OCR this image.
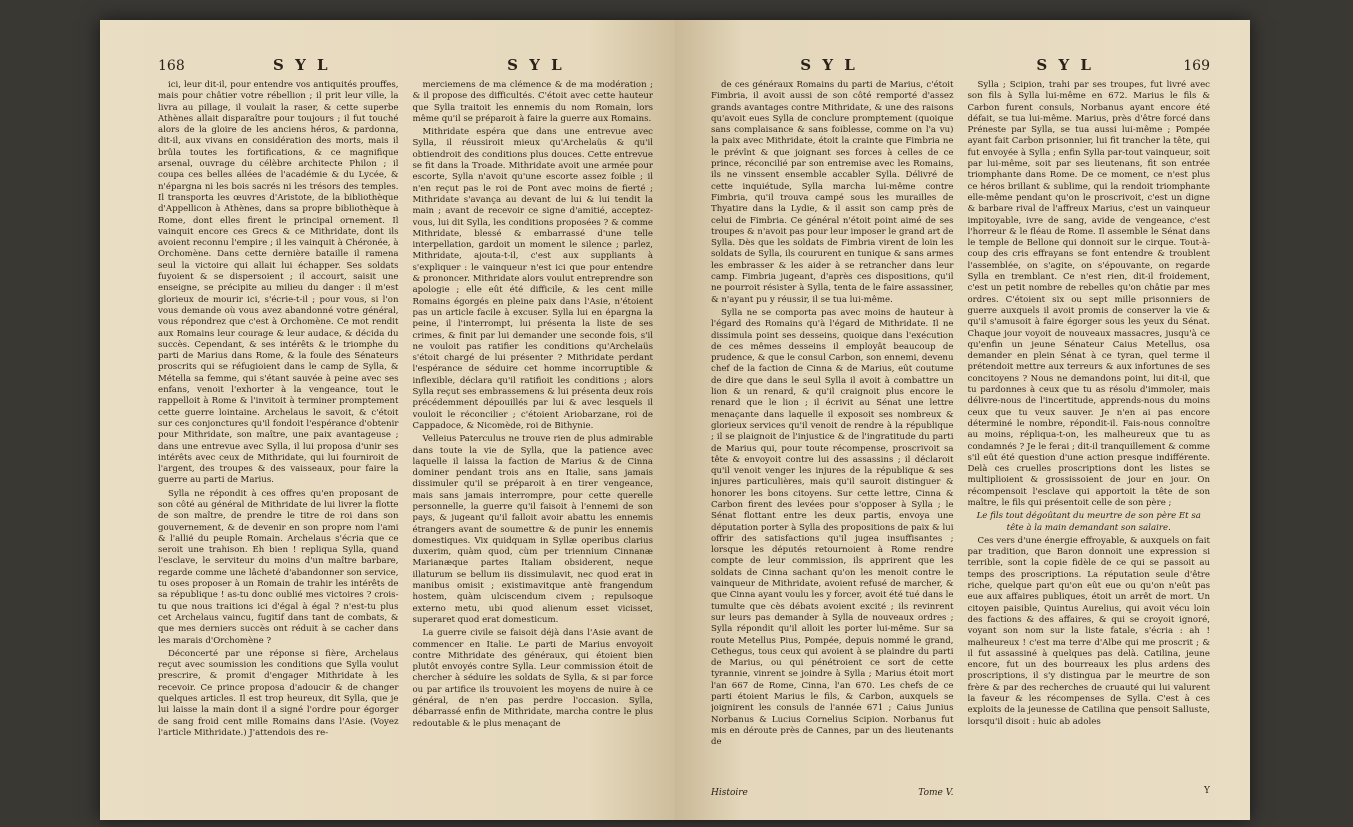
168	S Y L	S Y L

ici, leur dit-il, pour entendre vos antiquités prouffes, mais pour châtier votre rébellion ; il prit leur ville, la livra au pillage, il voulait la raser, & cette superbe Athènes allait disparaître pour toujours ; il fut touché alors de la gloire de les anciens héros, & pardonna, dit-il, aux vivans en considération des morts, mais il brûla toutes les fortifications, & ce magnifique arsenal, ouvrage du célèbre architecte Philon ; il coupa ces belles allées de l'académie & du Lycée, & n'épargna ni les bois sacrés ni les trésors des temples. Il transporta les œuvres d'Aristote, de la bibliothèque d'Appellicon à Athènes, dans sa propre bibliothèque à Rome, dont elles firent le principal ornement. Il vainquit encore ces Grecs & ce Mithridate, dont ils avoient reconnu l'empire ; il les vainquit à Chéronée, à Orchomène. Dans cette dernière bataille il ramena seul la victoire qui allait lui échapper. Ses soldats fuyoient & se dispersoient ; il accourt, saisit une enseigne, se précipite au milieu du danger : il m'est glorieux de mourir ici, s'écrie-t-il ; pour vous, si l'on vous demande où vous avez abandonné votre général, vous répondrez que c'est à Orchomène. Ce mot rendit aux Romains leur courage & leur audace, & décida du succès. Cependant, & ses intérêts & le triomphe du parti de Marius dans Rome, & la foule des Sénateurs proscrits qui se réfugioient dans le camp de Sylla, & Métella sa femme, qui s'étant sauvée à peine avec ses enfans, venoit l'exhorter à la vengeance, tout le rappelloit à Rome & l'invitoit à terminer promptement cette guerre lointaine. Archelaus le savoit, & c'étoit sur ces conjonctures qu'il fondoit l'espérance d'obtenir pour Mithridate, son maître, une paix avantageuse ; dans une entrevue avec Sylla, il lui proposa d'unir ses intérêts avec ceux de Mithridate, qui lui fourniroit de l'argent, des troupes & des vaisseaux, pour faire la guerre au parti de Marius.

Sylla ne répondit à ces offres qu'en proposant de son côté au général de Mithridate de lui livrer la flotte de son maître, de prendre le titre de roi dans son gouvernement, & de devenir en son propre nom l'ami & l'allié du peuple Romain. Archelaus s'écria que ce seroit une trahison. Eh bien ! repliqua Sylla, quand l'esclave, le serviteur du moins d'un maître barbare, regarde comme une lâcheté d'abandonner son service, tu oses proposer à un Romain de trahir les intérêts de sa république ! as-tu donc oublié mes victoires ? crois-tu que nous traitions ici d'égal à égal ? n'est-tu plus cet Archelaus vaincu, fugitif dans tant de combats, & que mes derniers succès ont réduit à se cacher dans les marais d'Orchomène ?

Déconcerté par une réponse si fière, Archelaus reçut avec soumission les conditions que Sylla voulut prescrire, & promit d'engager Mithridate à les recevoir. Ce prince proposa d'adoucir & de changer quelques articles. Il est trop heureux, dit Sylla, que je lui laisse la main dont il a signé l'ordre pour égorger de sang froid cent mille Romains dans l'Asie. (Voyez l'article Mithridate.) J'attendois des re-

merciemens de ma clémence & de ma modération ; & il propose des difficultés. C'étoit avec cette hauteur que Sylla traitoit les ennemis du nom Romain, lors même qu'il se préparoit à faire la guerre aux Romains.

Mithridate espéra que dans une entrevue avec Sylla, il réussiroit mieux qu'Archelaüs & qu'il obtiendroit des conditions plus douces. Cette entrevue se fit dans la Troade. Mithridate avoit une armée pour escorte, Sylla n'avoit qu'une escorte assez foible ; il n'en reçut pas le roi de Pont avec moins de fierté ; Mithridate s'avança au devant de lui & lui tendit la main ; avant de recevoir ce signe d'amitié, acceptez-vous, lui dit Sylla, les conditions proposées ? & comme Mithridate, blessé & embarrassé d'une telle interpellation, gardoit un moment le silence ; parlez, Mithridate, ajouta-t-il, c'est aux suppliants à s'expliquer : le vainqueur n'est ici que pour entendre & prononcer. Mithridate alors voulut entreprendre son apologie ; elle eût été difficile, & les cent mille Romains égorgés en pleine paix dans l'Asie, n'étoient pas un article facile à excuser. Sylla lui en épargna la peine, il l'interrompt, lui présenta la liste de ses crimes, & finit par lui demander une seconde fois, s'il ne vouloit pas ratifier les conditions qu'Archelaüs s'étoit chargé de lui présenter ? Mithridate perdant l'espérance de séduire cet homme incorruptible & inflexible, déclara qu'il ratifioit les conditions ; alors Sylla reçut ses embrassemens & lui présenta deux rois précédemment dépouillés par lui & avec lesquels il vouloit le réconcilier ; c'étoient Ariobarzane, roi de Cappadoce, & Nicomède, roi de Bithynie.

Velleius Paterculus ne trouve rien de plus admirable dans toute la vie de Sylla, que la patience avec laquelle il laissa la faction de Marius & de Cinna dominer pendant trois ans en Italie, sans jamais dissimuler qu'il se préparoit à en tirer vengeance, mais sans jamais interrompre, pour cette querelle personnelle, la guerre qu'il faisoit à l'ennemi de son pays, & jugeant qu'il falloit avoir abattu les ennemis étrangers avant de soumettre & de punir les ennemis domestiques. Vix quidquam in Syllæ operibus clarius duxerim, quàm quod, cùm per triennium Cinnanæ Marianæque partes Italiam obsiderent, neque illaturum se bellum iis dissimulavit, nec quod erat in manibus omisit ; existimavitque antè frangendum hostem, quàm ulciscendum civem ; repulsoque externo metu, ubi quod alienum esset vicisset, superaret quod erat domesticum.

La guerre civile se faisoit déjà dans l'Asie avant de commencer en Italie. Le parti de Marius envoyoit contre Mithridate des généraux, qui étoient bien plutôt envoyés contre Sylla. Leur commission étoit de chercher à séduire les soldats de Sylla, & si par force ou par artifice ils trouvoient les moyens de nuire à ce général, de n'en pas perdre l'occasion. Sylla, débarrassé enfin de Mithridate, marcha contre le plus redoutable & le plus menaçant de

S Y L	S Y L	169

de ces généraux Romains du parti de Marius, c'étoit Fimbria, il avoit aussi de son côté remporté d'assez grands avantages contre Mithridate, & une des raisons qu'avoit eues Sylla de conclure promptement (quoique sans complaisance & sans foiblesse, comme on l'a vu) la paix avec Mithridate, étoit la crainte que Fimbria ne le prévînt & que joignant ses forces à celles de ce prince, réconcilié par son entremise avec les Romains, ils ne vinssent ensemble accabler Sylla. Délivré de cette inquiétude, Sylla marcha lui-même contre Fimbria, qu'il trouva campé sous les murailles de Thyatire dans la Lydie, & il assit son camp près de celui de Fimbria. Ce général n'étoit point aimé de ses troupes & n'avoit pas pour leur imposer le grand art de Sylla. Dès que les soldats de Fimbria virent de loin les soldats de Sylla, ils coururent en tunique & sans armes les embrasser & les aider à se retrancher dans leur camp. Fimbria jugeant, d'après ces dispositions, qu'il ne pourroit résister à Sylla, tenta de le faire assassiner, & n'ayant pu y réussir, il se tua lui-même.

Sylla ne se comporta pas avec moins de hauteur à l'égard des Romains qu'à l'égard de Mithridate. Il ne dissimula point ses desseins, quoique dans l'exécution de ces mêmes desseins il employât beaucoup de prudence, & que le consul Carbon, son ennemi, devenu chef de la faction de Cinna & de Marius, eût coutume de dire que dans le seul Sylla il avoit à combattre un lion & un renard, & qu'il craignoit plus encore le renard que le lion ; il écrivit au Sénat une lettre menaçante dans laquelle il exposoit ses nombreux & glorieux services qu'il venoit de rendre à la république ; il se plaignoit de l'injustice & de l'ingratitude du parti de Marius qui, pour toute récompense, proscrivoit sa tête & envoyoit contre lui des assassins ; il déclaroit qu'il venoit venger les injures de la république & ses injures particulières, mais qu'il sauroit distinguer & honorer les bons citoyens. Sur cette lettre, Cinna & Carbon firent des levées pour s'opposer à Sylla ; le Sénat flottant entre les deux partis, envoya une députation porter à Sylla des propositions de paix & lui offrir des satisfactions qu'il jugea insuffisantes ; lorsque les députés retournoient à Rome rendre compte de leur commission, ils apprirent que les soldats de Cinna sachant qu'on les menoit contre le vainqueur de Mithridate, avoient refusé de marcher, & que Cinna ayant voulu les y forcer, avoit été tué dans le tumulte que cès débats avoient excité ; ils revinrent sur leurs pas demander à Sylla de nouveaux ordres ; Sylla répondit qu'il alloit les porter lui-même. Sur sa route Metellus Pius, Pompée, depuis nommé le grand, Cethegus, tous ceux qui avoient à se plaindre du parti de Marius, ou qui pénétroient ce sort de cette tyrannie, vinrent se joindre à Sylla ; Marius étoit mort l'an 667 de Rome, Cinna, l'an 670. Les chefs de ce parti étoient Marius le fils, & Carbon, auxquels se joignirent les consuls de l'année 671 ; Caius Junius Norbanus & Lucius Cornelius Scipion. Norbanus fut mis en déroute près de Cannes, par un des lieutenants de

Sylla ; Scipion, trahi par ses troupes, fut livré avec son fils à Sylla lui-même en 672. Marius le fils & Carbon furent consuls, Norbanus ayant encore été défait, se tua lui-même. Marius, près d'être forcé dans Préneste par Sylla, se tua aussi lui-même ; Pompée ayant fait Carbon prisonnier, lui fit trancher la tête, qui fut envoyée à Sylla ; enfin Sylla par-tout vainqueur, soit par lui-même, soit par ses lieutenans, fit son entrée triomphante dans Rome. De ce moment, ce n'est plus ce héros brillant & sublime, qui la rendoit triomphante elle-même pendant qu'on le proscrivoit, c'est un digne & barbare rival de l'affreux Marius, c'est un vainqueur impitoyable, ivre de sang, avide de vengeance, c'est l'horreur & le fléau de Rome. Il assemble le Sénat dans le temple de Bellone qui donnoit sur le cirque. Tout-à-coup des cris effrayans se font entendre & troublent l'assemblée, on s'agite, on s'épouvante, on regarde Sylla en tremblant. Ce n'est rien, dit-il froidement, c'est un petit nombre de rebelles qu'on châtie par mes ordres. C'étoient six ou sept mille prisonniers de guerre auxquels il avoit promis de conserver la vie & qu'il s'amusoit à faire égorger sous les yeux du Sénat. Chaque jour voyoit de nouveaux massacres, jusqu'à ce qu'enfin un jeune Sénateur Caius Metellus, osa demander en plein Sénat à ce tyran, quel terme il prétendoit mettre aux terreurs & aux infortunes de ses concitoyens ? Nous ne demandons point, lui dit-il, que tu pardonnes à ceux que tu as résolu d'immoler, mais délivre-nous de l'incertitude, apprends-nous du moins ceux que tu veux sauver. Je n'en ai pas encore déterminé le nombre, répondit-il. Fais-nous connoître au moins, répliqua-t-on, les malheureux que tu as condamnés ? Je le ferai ; dit-il tranquillement & comme s'il eût été question d'une action presque indifférente. Delà ces cruelles proscriptions dont les listes se multiplioient & grossissoient de jour en jour. On récompensoit l'esclave qui apportoit la tête de son maître, le fils qui présentoit celle de son père ;

Le fils tout dégoûtant du meurtre de son père Et sa tête à la main demandant son salaire.

Ces vers d'une énergie effroyable, & auxquels on fait par tradition, que Baron donnoit une expression si terrible, sont la copie fidèle de ce qui se passoit au temps des proscriptions. La réputation seule d'être riche, quelque part qu'on eût eue ou qu'on n'eût pas eue aux affaires publiques, étoit un arrêt de mort. Un citoyen paisible, Quintus Aurelius, qui avoit vécu loin des factions & des affaires, & qui se croyoit ignoré, voyant son nom sur la liste fatale, s'écria : ah ! malheureux ! c'est ma terre d'Albe qui me proscrit ; & il fut assassiné à quelques pas delà. Catilina, jeune encore, fut un des bourreaux les plus ardens des proscriptions, il s'y distingua par le meurtre de son frère & par des recherches de cruauté qui lui valurent la faveur & les récompenses de Sylla. C'est à ces exploits de la jeunesse de Catilina que pensoit Salluste, lorsqu'il disoit : huic ab adoles

Histoire	Tome V.	Y
